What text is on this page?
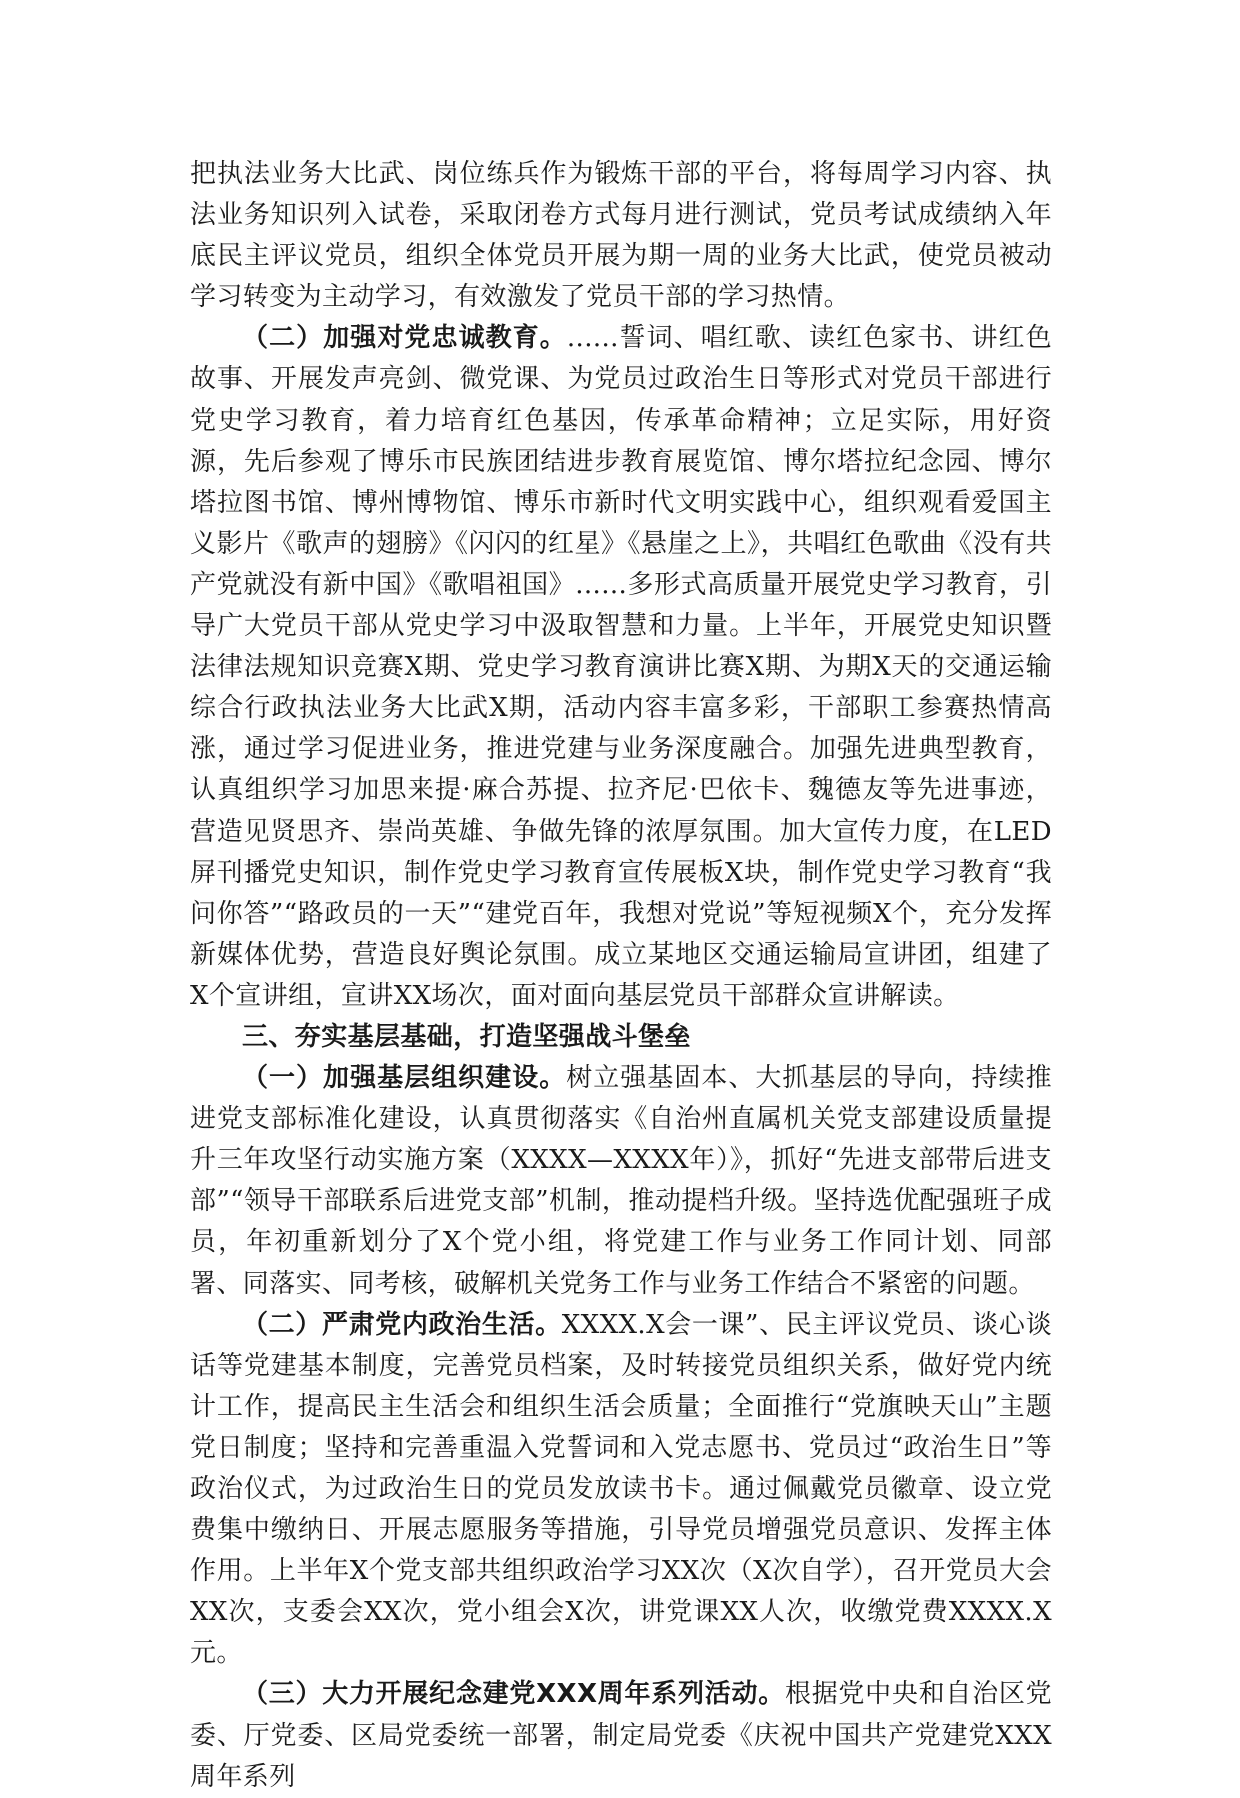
把执法业务大比武、岗位练兵作为锻炼干部的平台，将每周学习内容、执法业务知识列入试卷，采取闭卷方式每月进行测试，党员考试成绩纳入年底民主评议党员，组织全体党员开展为期一周的业务大比武，使党员被动学习转变为主动学习，有效激发了党员干部的学习热情。

（二）加强对党忠诚教育。......誓词、唱红歌、读红色家书、讲红色故事、开展发声亮剑、微党课、为党员过政治生日等形式对党员干部进行党史学习教育，着力培育红色基因，传承革命精神；立足实际，用好资源，先后参观了博乐市民族团结进步教育展览馆、博尔塔拉纪念园、博尔塔拉图书馆、博州博物馆、博乐市新时代文明实践中心，组织观看爱国主义影片《歌声的翅膀》《闪闪的红星》《悬崖之上》，共唱红色歌曲《没有共产党就没有新中国》《歌唱祖国》......多形式高质量开展党史学习教育，引导广大党员干部从党史学习中汲取智慧和力量。上半年，开展党史知识暨法律法规知识竞赛X期、党史学习教育演讲比赛X期、为期X天的交通运输综合行政执法业务大比武X期，活动内容丰富多彩，干部职工参赛热情高涨，通过学习促进业务，推进党建与业务深度融合。加强先进典型教育，认真组织学习加思来提·麻合苏提、拉齐尼·巴依卡、魏德友等先进事迹，营造见贤思齐、崇尚英雄、争做先锋的浓厚氛围。加大宣传力度，在LED屏刊播党史知识，制作党史学习教育宣传展板X块，制作党史学习教育“我问你答”“路政员的一天”“建党百年，我想对党说”等短视频X个，充分发挥新媒体优势，营造良好舆论氛围。成立某地区交通运输局宣讲团，组建了X个宣讲组，宣讲XX场次，面对面向基层党员干部群众宣讲解读。

三、夯实基层基础，打造坚强战斗堡垒

（一）加强基层组织建设。树立强基固本、大抓基层的导向，持续推进党支部标准化建设，认真贯彻落实《自治州直属机关党支部建设质量提升三年攻坚行动实施方案（XXXX—XXXX年）》，抓好“先进支部带后进支部”“领导干部联系后进党支部”机制，推动提档升级。坚持选优配强班子成员，年初重新划分了X个党小组，将党建工作与业务工作同计划、同部署、同落实、同考核，破解机关党务工作与业务工作结合不紧密的问题。

（二）严肃党内政治生活。XXXX.X会一课”、民主评议党员、谈心谈话等党建基本制度，完善党员档案，及时转接党员组织关系，做好党内统计工作，提高民主生活会和组织生活会质量；全面推行“党旗映天山”主题党日制度；坚持和完善重温入党誓词和入党志愿书、党员过“政治生日”等政治仪式，为过政治生日的党员发放读书卡。通过佩戴党员徽章、设立党费集中缴纳日、开展志愿服务等措施，引导党员增强党员意识、发挥主体作用。上半年X个党支部共组织政治学习XX次（X次自学），召开党员大会XX次，支委会XX次，党小组会X次，讲党课XX人次，收缴党费XXXX.X元。

（三）大力开展纪念建党XXX周年系列活动。根据党中央和自治区党委、厅党委、区局党委统一部署，制定局党委《庆祝中国共产党建党XXX周年系列
